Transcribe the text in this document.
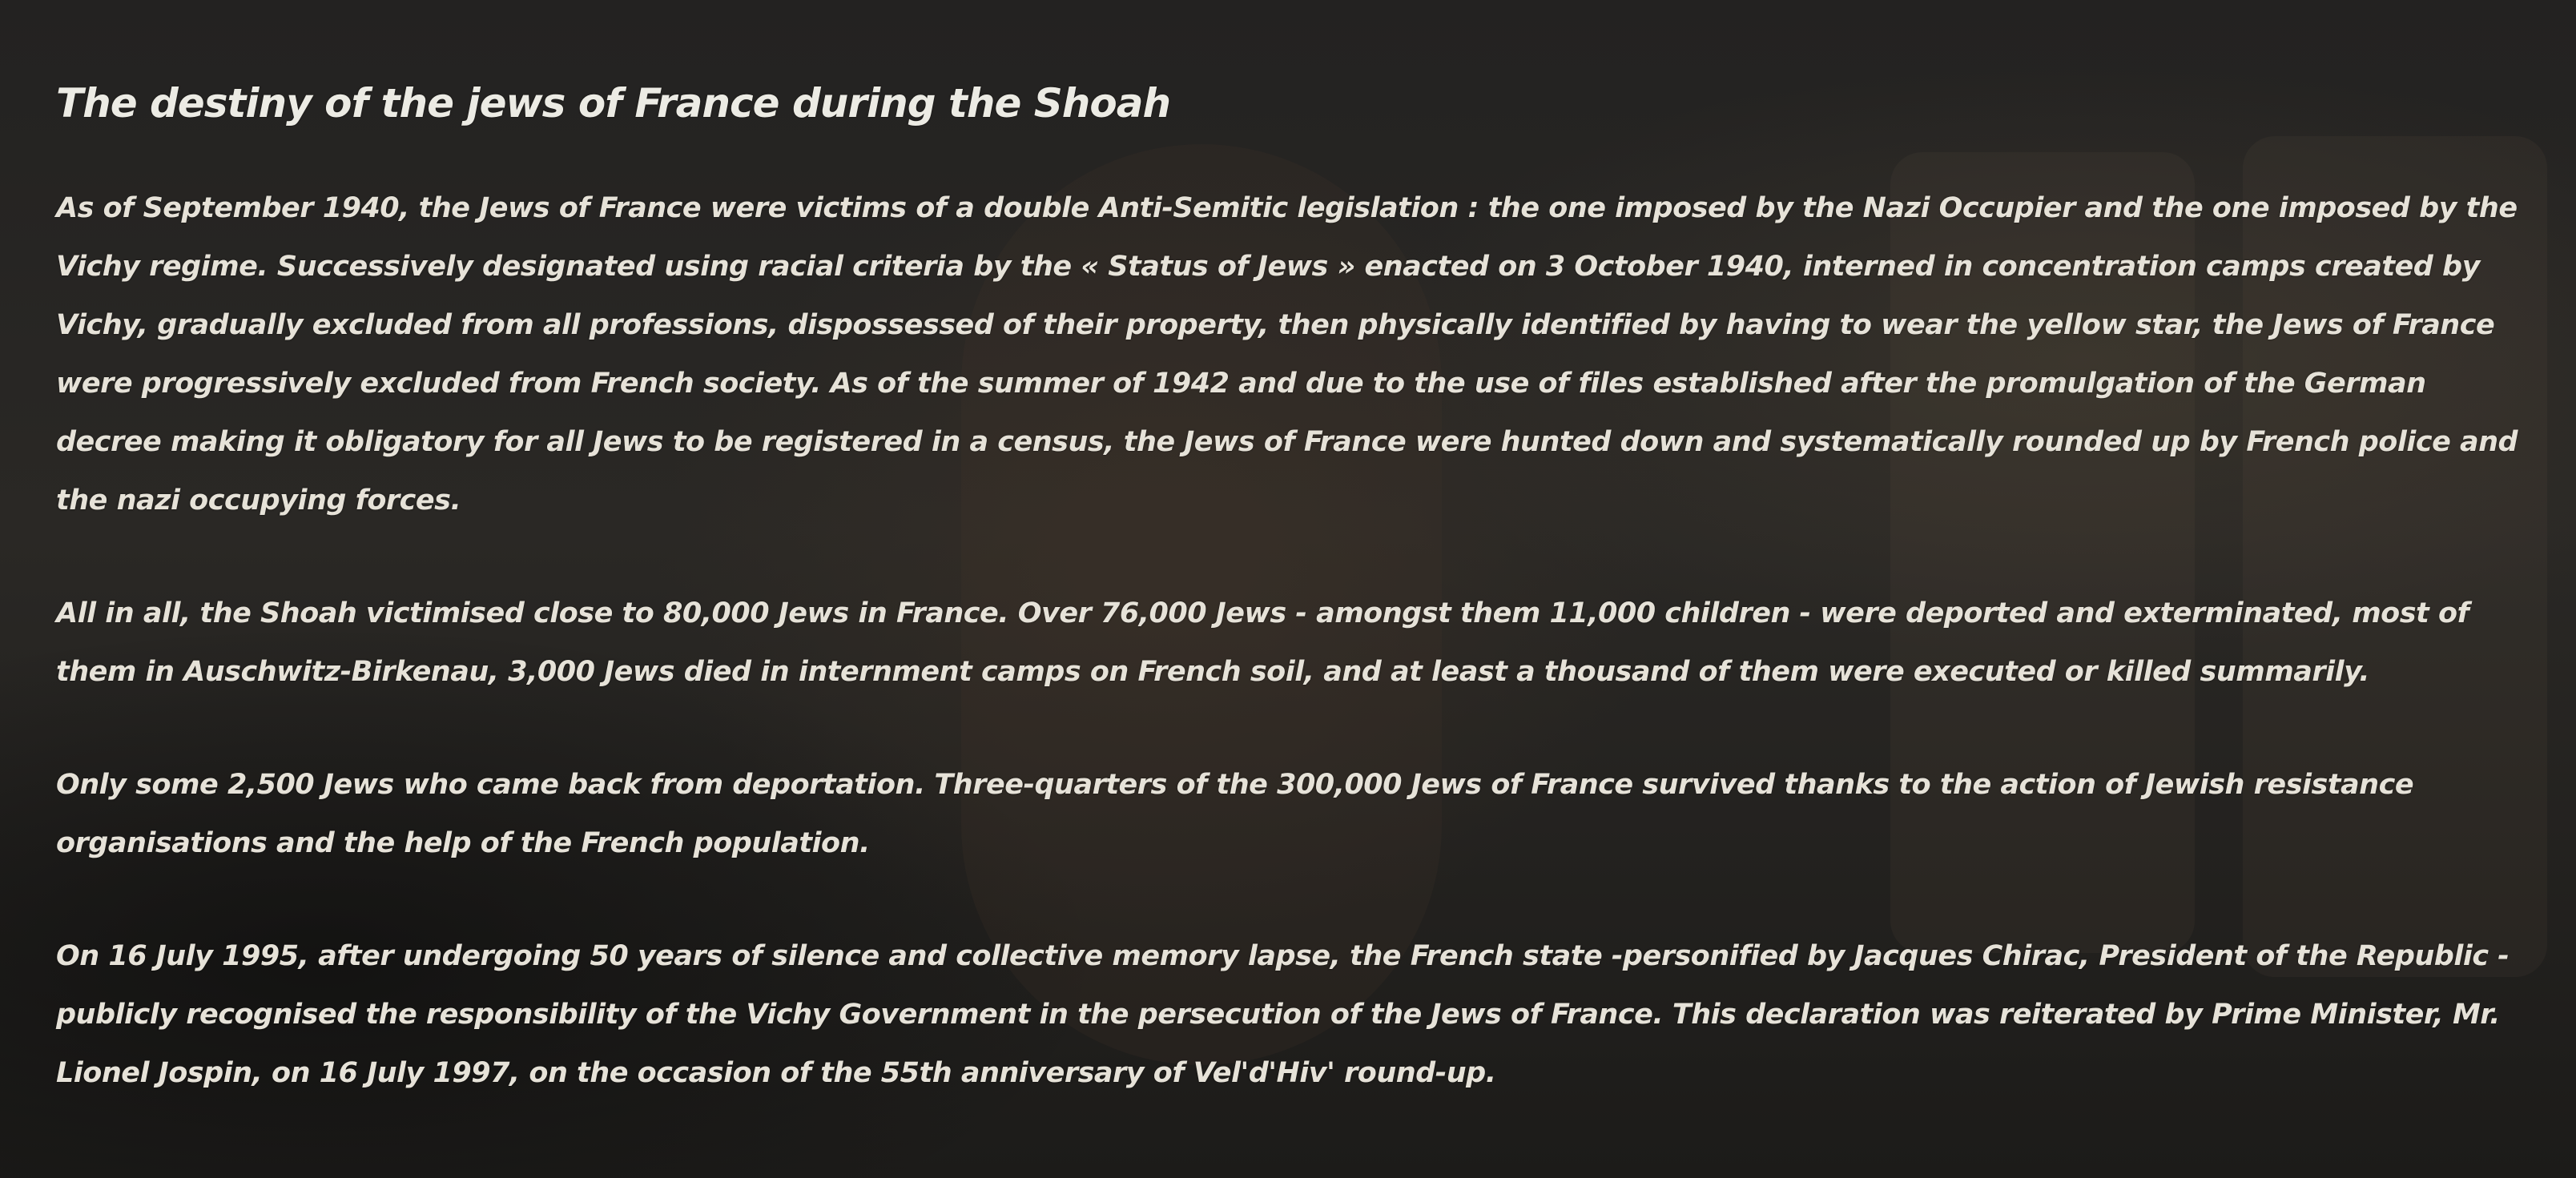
The destiny of the jews of France during the Shoah

As of September 1940, the Jews of France were victims of a double Anti-Semitic legislation : the one imposed by the Nazi Occupier and the one imposed by the Vichy regime. Successively designated using racial criteria by the « Status of Jews » enacted on 3 October 1940, interned in concentration camps created by Vichy, gradually excluded from all professions, dispossessed of their property, then physically identified by having to wear the yellow star, the Jews of France were progressively excluded from French society. As of the summer of 1942 and due to the use of files established after the promulgation of the German decree making it obligatory for all Jews to be registered in a census, the Jews of France were hunted down and systematically rounded up by French police and the nazi occupying forces.

All in all, the Shoah victimised close to 80,000 Jews in France. Over 76,000 Jews - amongst them 11,000 children - were deported and exterminated, most of them in Auschwitz-Birkenau, 3,000 Jews died in internment camps on French soil, and at least a thousand of them were executed or killed summarily.

Only some 2,500 Jews who came back from deportation. Three-quarters of the 300,000 Jews of France survived thanks to the action of Jewish resistance organisations and the help of the French population.

On 16 July 1995, after undergoing 50 years of silence and collective memory lapse, the French state -personified by Jacques Chirac, President of the Republic - publicly recognised the responsibility of the Vichy Government in the persecution of the Jews of France. This declaration was reiterated by Prime Minister, Mr. Lionel Jospin, on 16 July 1997, on the occasion of the 55th anniversary of Vel'd'Hiv' round-up.
